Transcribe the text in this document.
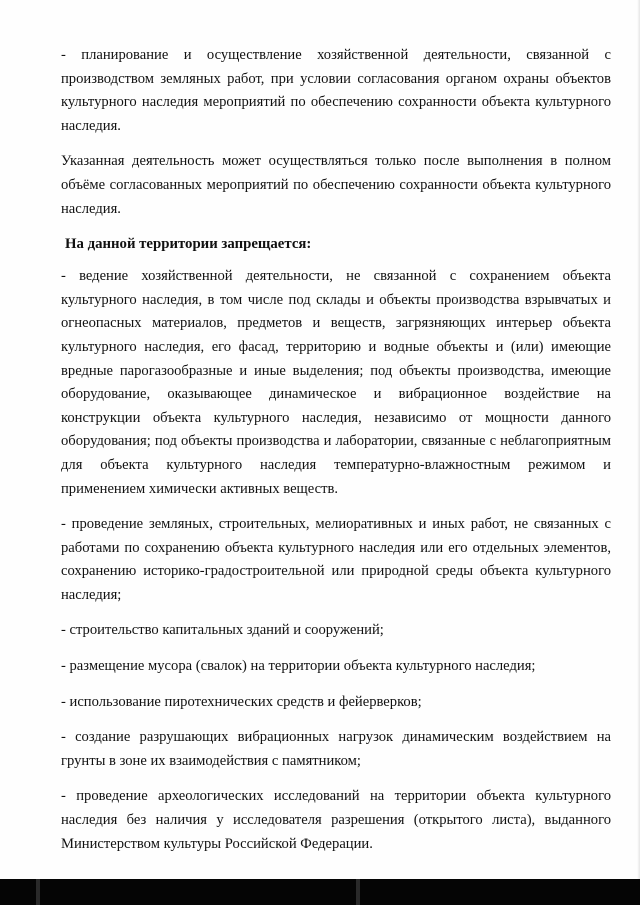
- планирование и осуществление хозяйственной деятельности, связанной с производством земляных работ, при условии согласования органом охраны объектов культурного наследия мероприятий по обеспечению сохранности объекта культурного наследия.

Указанная деятельность может осуществляться только после выполнения в полном объёме согласованных мероприятий по обеспечению сохранности объекта культурного наследия.

На данной территории запрещается:

- ведение хозяйственной деятельности, не связанной с сохранением объекта культурного наследия, в том числе под склады и объекты производства взрывчатых и огнеопасных материалов, предметов и веществ, загрязняющих интерьер объекта культурного наследия, его фасад, территорию и водные объекты и (или) имеющие вредные парогазообразные и иные выделения; под объекты производства, имеющие оборудование, оказывающее динамическое и вибрационное воздействие на конструкции объекта культурного наследия, независимо от мощности данного оборудования; под объекты производства и лаборатории, связанные с неблагоприятным для объекта культурного наследия температурно-влажностным режимом и применением химически активных веществ.

- проведение земляных, строительных, мелиоративных и иных работ, не связанных с работами по сохранению объекта культурного наследия или его отдельных элементов, сохранению историко-градостроительной или природной среды объекта культурного наследия;

- строительство капитальных зданий и сооружений;

- размещение мусора (свалок) на территории объекта культурного наследия;

- использование пиротехнических средств и фейерверков;

- создание разрушающих вибрационных нагрузок динамическим воздействием на грунты в зоне их взаимодействия с памятником;

- проведение археологических исследований на территории объекта культурного наследия без наличия у исследователя разрешения (открытого листа), выданного Министерством культуры Российской Федерации.
